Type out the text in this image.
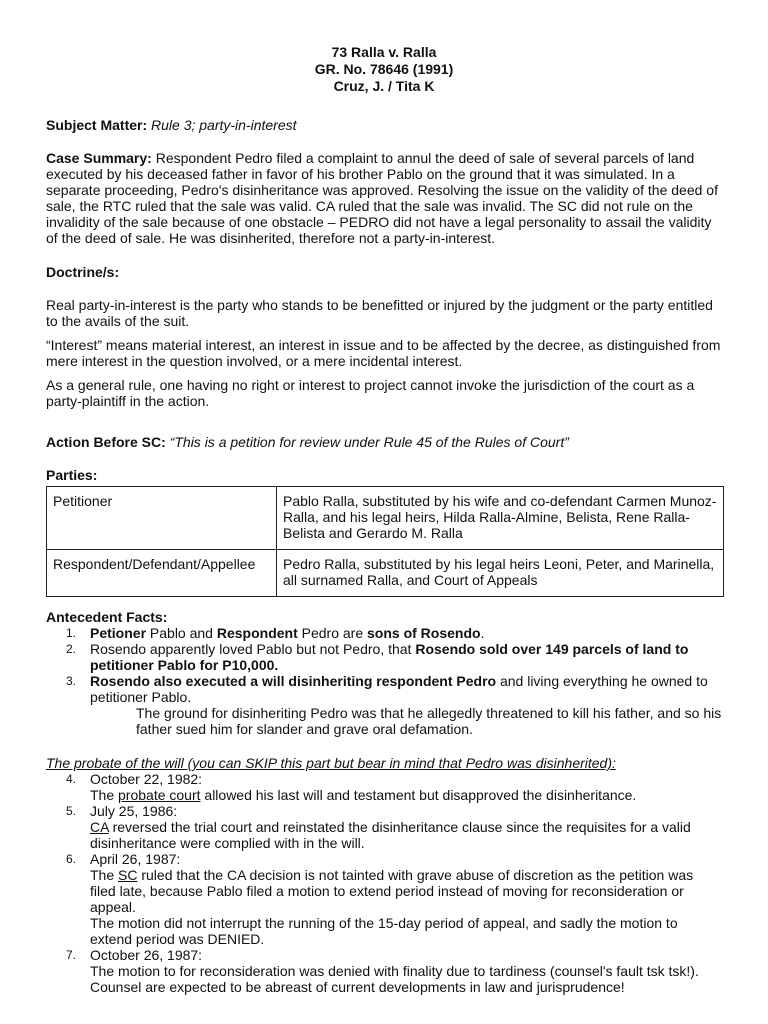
73 Ralla v. Ralla
GR. No. 78646 (1991)
Cruz, J. / Tita K

Subject Matter: Rule 3; party-in-interest

Case Summary: Respondent Pedro filed a complaint to annul the deed of sale of several parcels of land executed by his deceased father in favor of his brother Pablo on the ground that it was simulated. In a separate proceeding, Pedro's disinheritance was approved. Resolving the issue on the validity of the deed of sale, the RTC ruled that the sale was valid. CA ruled that the sale was invalid. The SC did not rule on the invalidity of the sale because of one obstacle – PEDRO did not have a legal personality to assail the validity of the deed of sale. He was disinherited, therefore not a party-in-interest.

Doctrine/s:

Real party-in-interest is the party who stands to be benefitted or injured by the judgment or the party entitled to the avails of the suit.

“Interest” means material interest, an interest in issue and to be affected by the decree, as distinguished from mere interest in the question involved, or a mere incidental interest.

As a general rule, one having no right or interest to project cannot invoke the jurisdiction of the court as a party-plaintiff in the action.

Action Before SC: “This is a petition for review under Rule 45 of the Rules of Court”

Parties:
Petitioner	Pablo Ralla, substituted by his wife and co-defendant Carmen Munoz-Ralla, and his legal heirs, Hilda Ralla-Almine, Belista, Rene Ralla-Belista and Gerardo M. Ralla
Respondent/Defendant/Appellee	Pedro Ralla, substituted by his legal heirs Leoni, Peter, and Marinella, all surnamed Ralla, and Court of Appeals
Antecedent Facts:
1. Petioner Pablo and Respondent Pedro are sons of Rosendo.
2. Rosendo apparently loved Pablo but not Pedro, that Rosendo sold over 149 parcels of land to petitioner Pablo for P10,000.
3. Rosendo also executed a will disinheriting respondent Pedro and living everything he owned to petitioner Pablo.

The ground for disinheriting Pedro was that he allegedly threatened to kill his father, and so his father sued him for slander and grave oral defamation.

The probate of the will (you can SKIP this part but bear in mind that Pedro was disinherited):

4. October 22, 1982:
The probate court allowed his last will and testament but disapproved the disinheritance.
5. July 25, 1986:
CA reversed the trial court and reinstated the disinheritance clause since the requisites for a valid disinheritance were complied with in the will.
6. April 26, 1987:
The SC ruled that the CA decision is not tainted with grave abuse of discretion as the petition was filed late, because Pablo filed a motion to extend period instead of moving for reconsideration or appeal.
The motion did not interrupt the running of the 15-day period of appeal, and sadly the motion to extend period was DENIED.
7. October 26, 1987:
The motion to for reconsideration was denied with finality due to tardiness (counsel's fault tsk tsk!).
Counsel are expected to be abreast of current developments in law and jurisprudence!
